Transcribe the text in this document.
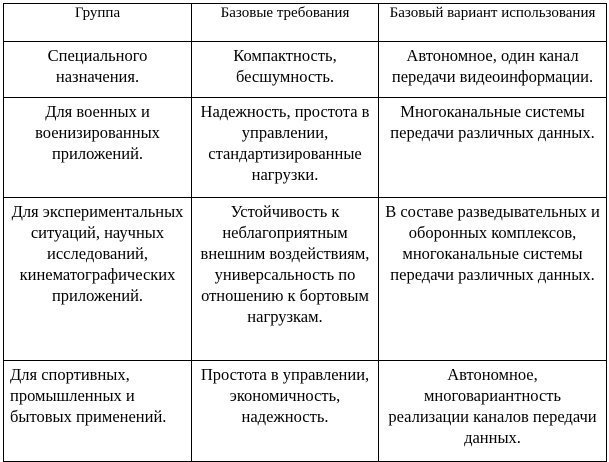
Группа	Базовые требования	Базовый вариант использования
Специального назначения.	Компактность, бесшумность.	Автономное, один канал передачи видеоинформации.
Для военных и военизированных приложений.	Надежность, простота в управлении, стандартизированные нагрузки.	Многоканальные системы передачи различных данных.
Для экспериментальных ситуаций, научных исследований, кинематографических приложений.	Устойчивость к неблагоприятным внешним воздействиям, универсальность по отношению к бортовым нагрузкам.	В составе разведывательных и оборонных комплексов, многоканальные системы передачи различных данных.
Для спортивных, промышленных и бытовых применений.	Простота в управлении, экономичность, надежность.	Автономное, многовариантность реализации каналов передачи данных.
